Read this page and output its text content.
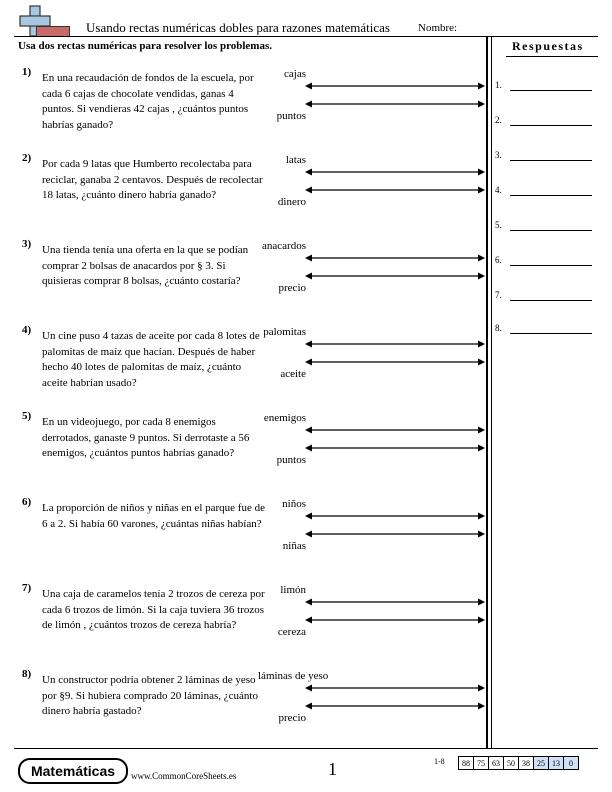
Usando rectas numéricas dobles para razones matemáticas	Nombre:
Usa dos rectas numéricas para resolver los problemas.	Respuestas
1) En una recaudación de fondos de la escuela, por cada 6 cajas de chocolate vendidas, ganas 4 puntos. Si vendieras 42 cajas , ¿cuántos puntos habrías ganado?
cajas
puntos
2) Por cada 9 latas que Humberto recolectaba para reciclar, ganaba 2 centavos. Después de recolectar 18 latas, ¿cuánto dinero habría ganado?
latas
dinero
3) Una tienda tenía una oferta en la que se podían comprar 2 bolsas de anacardos por § 3. Si quisieras comprar 8 bolsas, ¿cuánto costaría?
anacardos
precio
4) Un cine puso 4 tazas de aceite por cada 8 lotes de palomitas de maíz que hacían. Después de haber hecho 40 lotes de palomitas de maíz, ¿cuánto aceite habrían usado?
palomitas
aceite
5) En un videojuego, por cada 8 enemigos derrotados, ganaste 9 puntos. Si derrotaste a 56 enemigos, ¿cuántos puntos habrías ganado?
enemigos
puntos
6) La proporción de niños y niñas en el parque fue de 6 a 2. Si había 60 varones, ¿cuántas niñas habían?
niños
niñas
7) Una caja de caramelos tenía 2 trozos de cereza por cada 6 trozos de limón. Si la caja tuviera 36 trozos de limón , ¿cuántos trozos de cereza habría?
limón
cereza
8) Un constructor podría obtener 2 láminas de yeso por §9. Si hubiera comprado 20 láminas, ¿cuánto dinero habría gastado?
láminas de yeso
precio
1.
2.
3.
4.
5.
6.
7.
8.
Matemáticas	www.CommonCoreSheets.es	1	1-8 88	75	63	50	38	25	13	0
